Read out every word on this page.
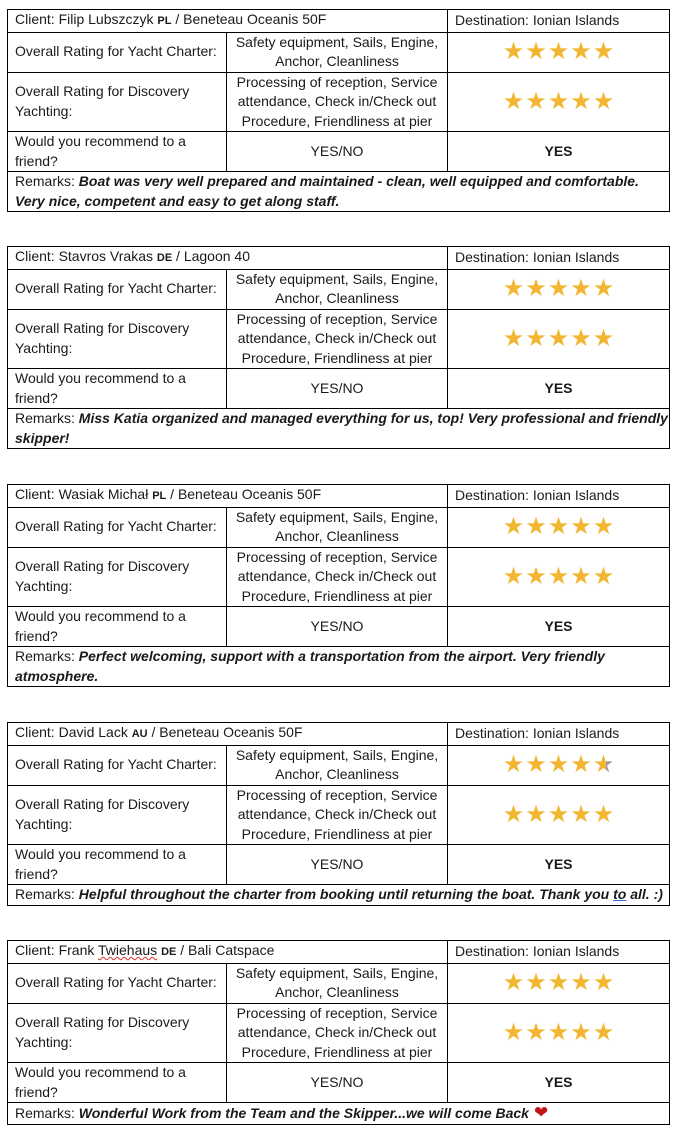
Client: Filip Lubszczyk PL / Beneteau Oceanis 50F		Destination: Ionian Islands
Overall Rating for Yacht Charter:	Safety equipment, Sails, Engine, Anchor, Cleanliness	★ ★ ★ ★ ★

Overall Rating for Discovery Yachting:	Processing of reception, Service attendance, Check in/Check out Procedure, Friendliness at pier	★ ★ ★ ★ ★

Would you recommend to a friend?	YES/NO	YES
Remarks: Boat was very well prepared and maintained - clean, well equipped and comfortable. Very nice, competent and easy to get along staff.		
Client: Stavros Vrakas DE / Lagoon 40		Destination: Ionian Islands
Overall Rating for Yacht Charter:	Safety equipment, Sails, Engine, Anchor, Cleanliness	★ ★ ★ ★ ★

Overall Rating for Discovery Yachting:	Processing of reception, Service attendance, Check in/Check out Procedure, Friendliness at pier	★ ★ ★ ★ ★

Would you recommend to a friend?	YES/NO	YES
Remarks: Miss Katia organized and managed everything for us, top! Very professional and friendly skipper!		
Client: Wasiak Michał PL / Beneteau Oceanis 50F		Destination: Ionian Islands
Overall Rating for Yacht Charter:	Safety equipment, Sails, Engine, Anchor, Cleanliness	★ ★ ★ ★ ★

Overall Rating for Discovery Yachting:	Processing of reception, Service attendance, Check in/Check out Procedure, Friendliness at pier	★ ★ ★ ★ ★

Would you recommend to a friend?	YES/NO	YES
Remarks: Perfect welcoming, support with a transportation from the airport. Very friendly atmosphere.		
Client: David Lack AU / Beneteau Oceanis 50F		Destination: Ionian Islands
Overall Rating for Yacht Charter:	Safety equipment, Sails, Engine, Anchor, Cleanliness	★ ★ ★ ★ ★

Overall Rating for Discovery Yachting:	Processing of reception, Service attendance, Check in/Check out Procedure, Friendliness at pier	★ ★ ★ ★ ★

Would you recommend to a friend?	YES/NO	YES
Remarks: Helpful throughout the charter from booking until returning the boat. Thank you to all. :)		
Client: Frank Twiehaus DE / Bali Catspace		Destination: Ionian Islands
Overall Rating for Yacht Charter:	Safety equipment, Sails, Engine, Anchor, Cleanliness	★ ★ ★ ★ ★

Overall Rating for Discovery Yachting:	Processing of reception, Service attendance, Check in/Check out Procedure, Friendliness at pier	★ ★ ★ ★ ★

Would you recommend to a friend?	YES/NO	YES
Remarks: Wonderful Work from the Team and the Skipper...we will come Back ❤		
